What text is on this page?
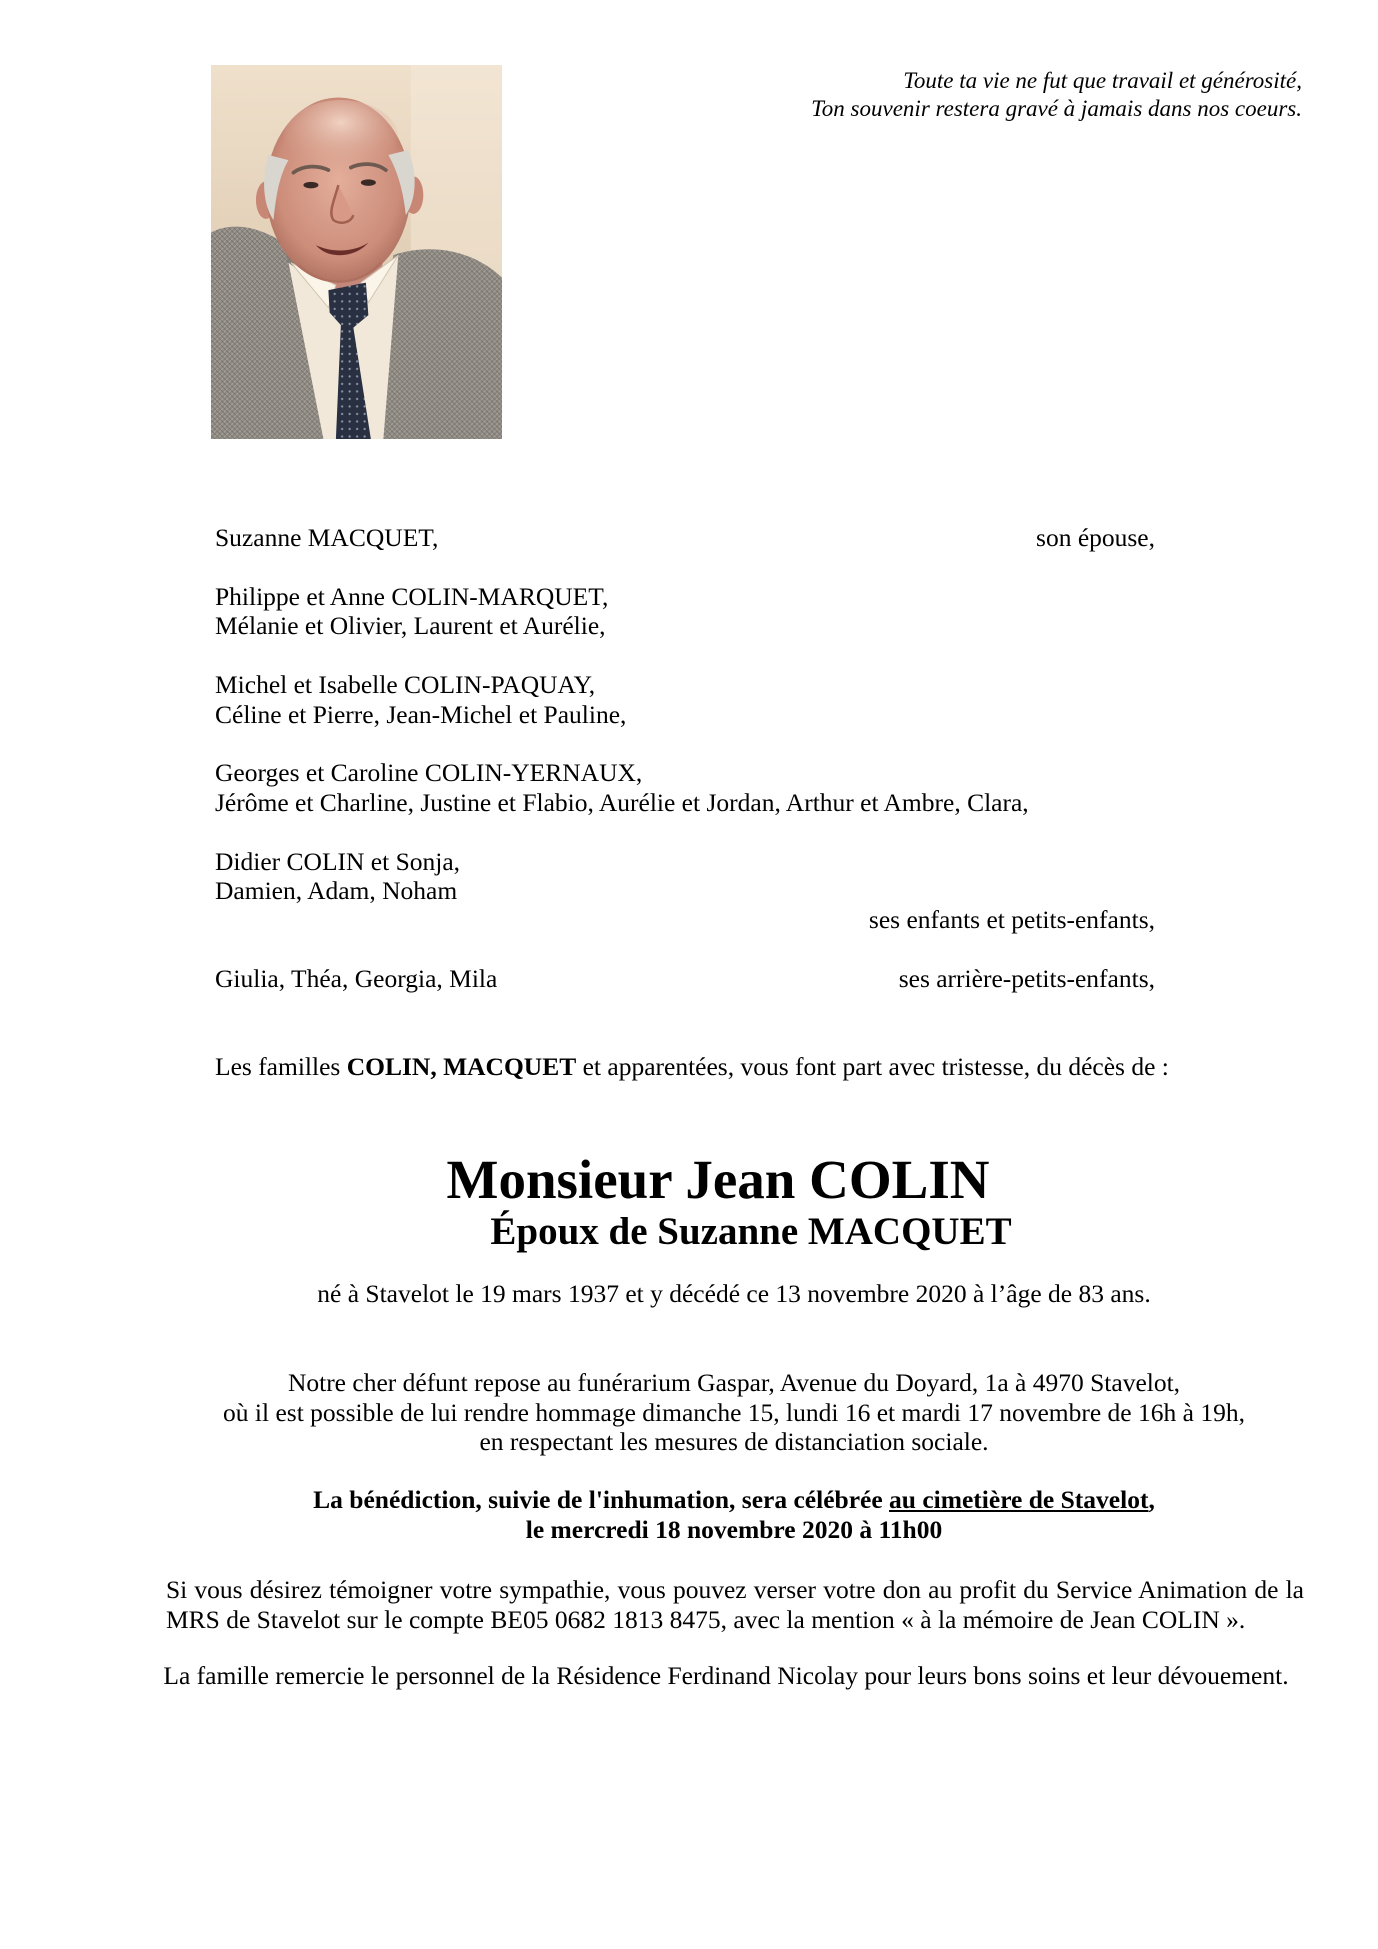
Toute ta vie ne fut que travail et générosité,
Ton souvenir restera gravé à jamais dans nos coeurs.
Suzanne MACQUET,	son épouse,
Philippe et Anne COLIN-MARQUET,
Mélanie et Olivier, Laurent et Aurélie,
Michel et Isabelle COLIN-PAQUAY,
Céline et Pierre, Jean-Michel et Pauline,
Georges et Caroline COLIN-YERNAUX,
Jérôme et Charline, Justine et Flabio, Aurélie et Jordan, Arthur et Ambre, Clara,
Didier COLIN et Sonja,
Damien, Adam, Noham
ses enfants et petits-enfants,
Giulia, Théa, Georgia, Mila	ses arrière-petits-enfants,
Les familles COLIN, MACQUET et apparentées, vous font part avec tristesse, du décès de :
Monsieur Jean COLIN
Époux de Suzanne MACQUET
né à Stavelot le 19 mars 1937 et y décédé ce 13 novembre 2020 à l’âge de 83 ans.
Notre cher défunt repose au funérarium Gaspar, Avenue du Doyard, 1a à 4970 Stavelot,
où il est possible de lui rendre hommage dimanche 15, lundi 16 et mardi 17 novembre de 16h à 19h,
en respectant les mesures de distanciation sociale.
La bénédiction, suivie de l'inhumation, sera célébrée au cimetière de Stavelot,
le mercredi 18 novembre 2020 à 11h00
Si vous désirez témoigner votre sympathie, vous pouvez verser votre don au profit du Service Animation de la
MRS de Stavelot sur le compte BE05 0682 1813 8475, avec la mention « à la mémoire de Jean COLIN ».
La famille remercie le personnel de la Résidence Ferdinand Nicolay pour leurs bons soins et leur dévouement.
